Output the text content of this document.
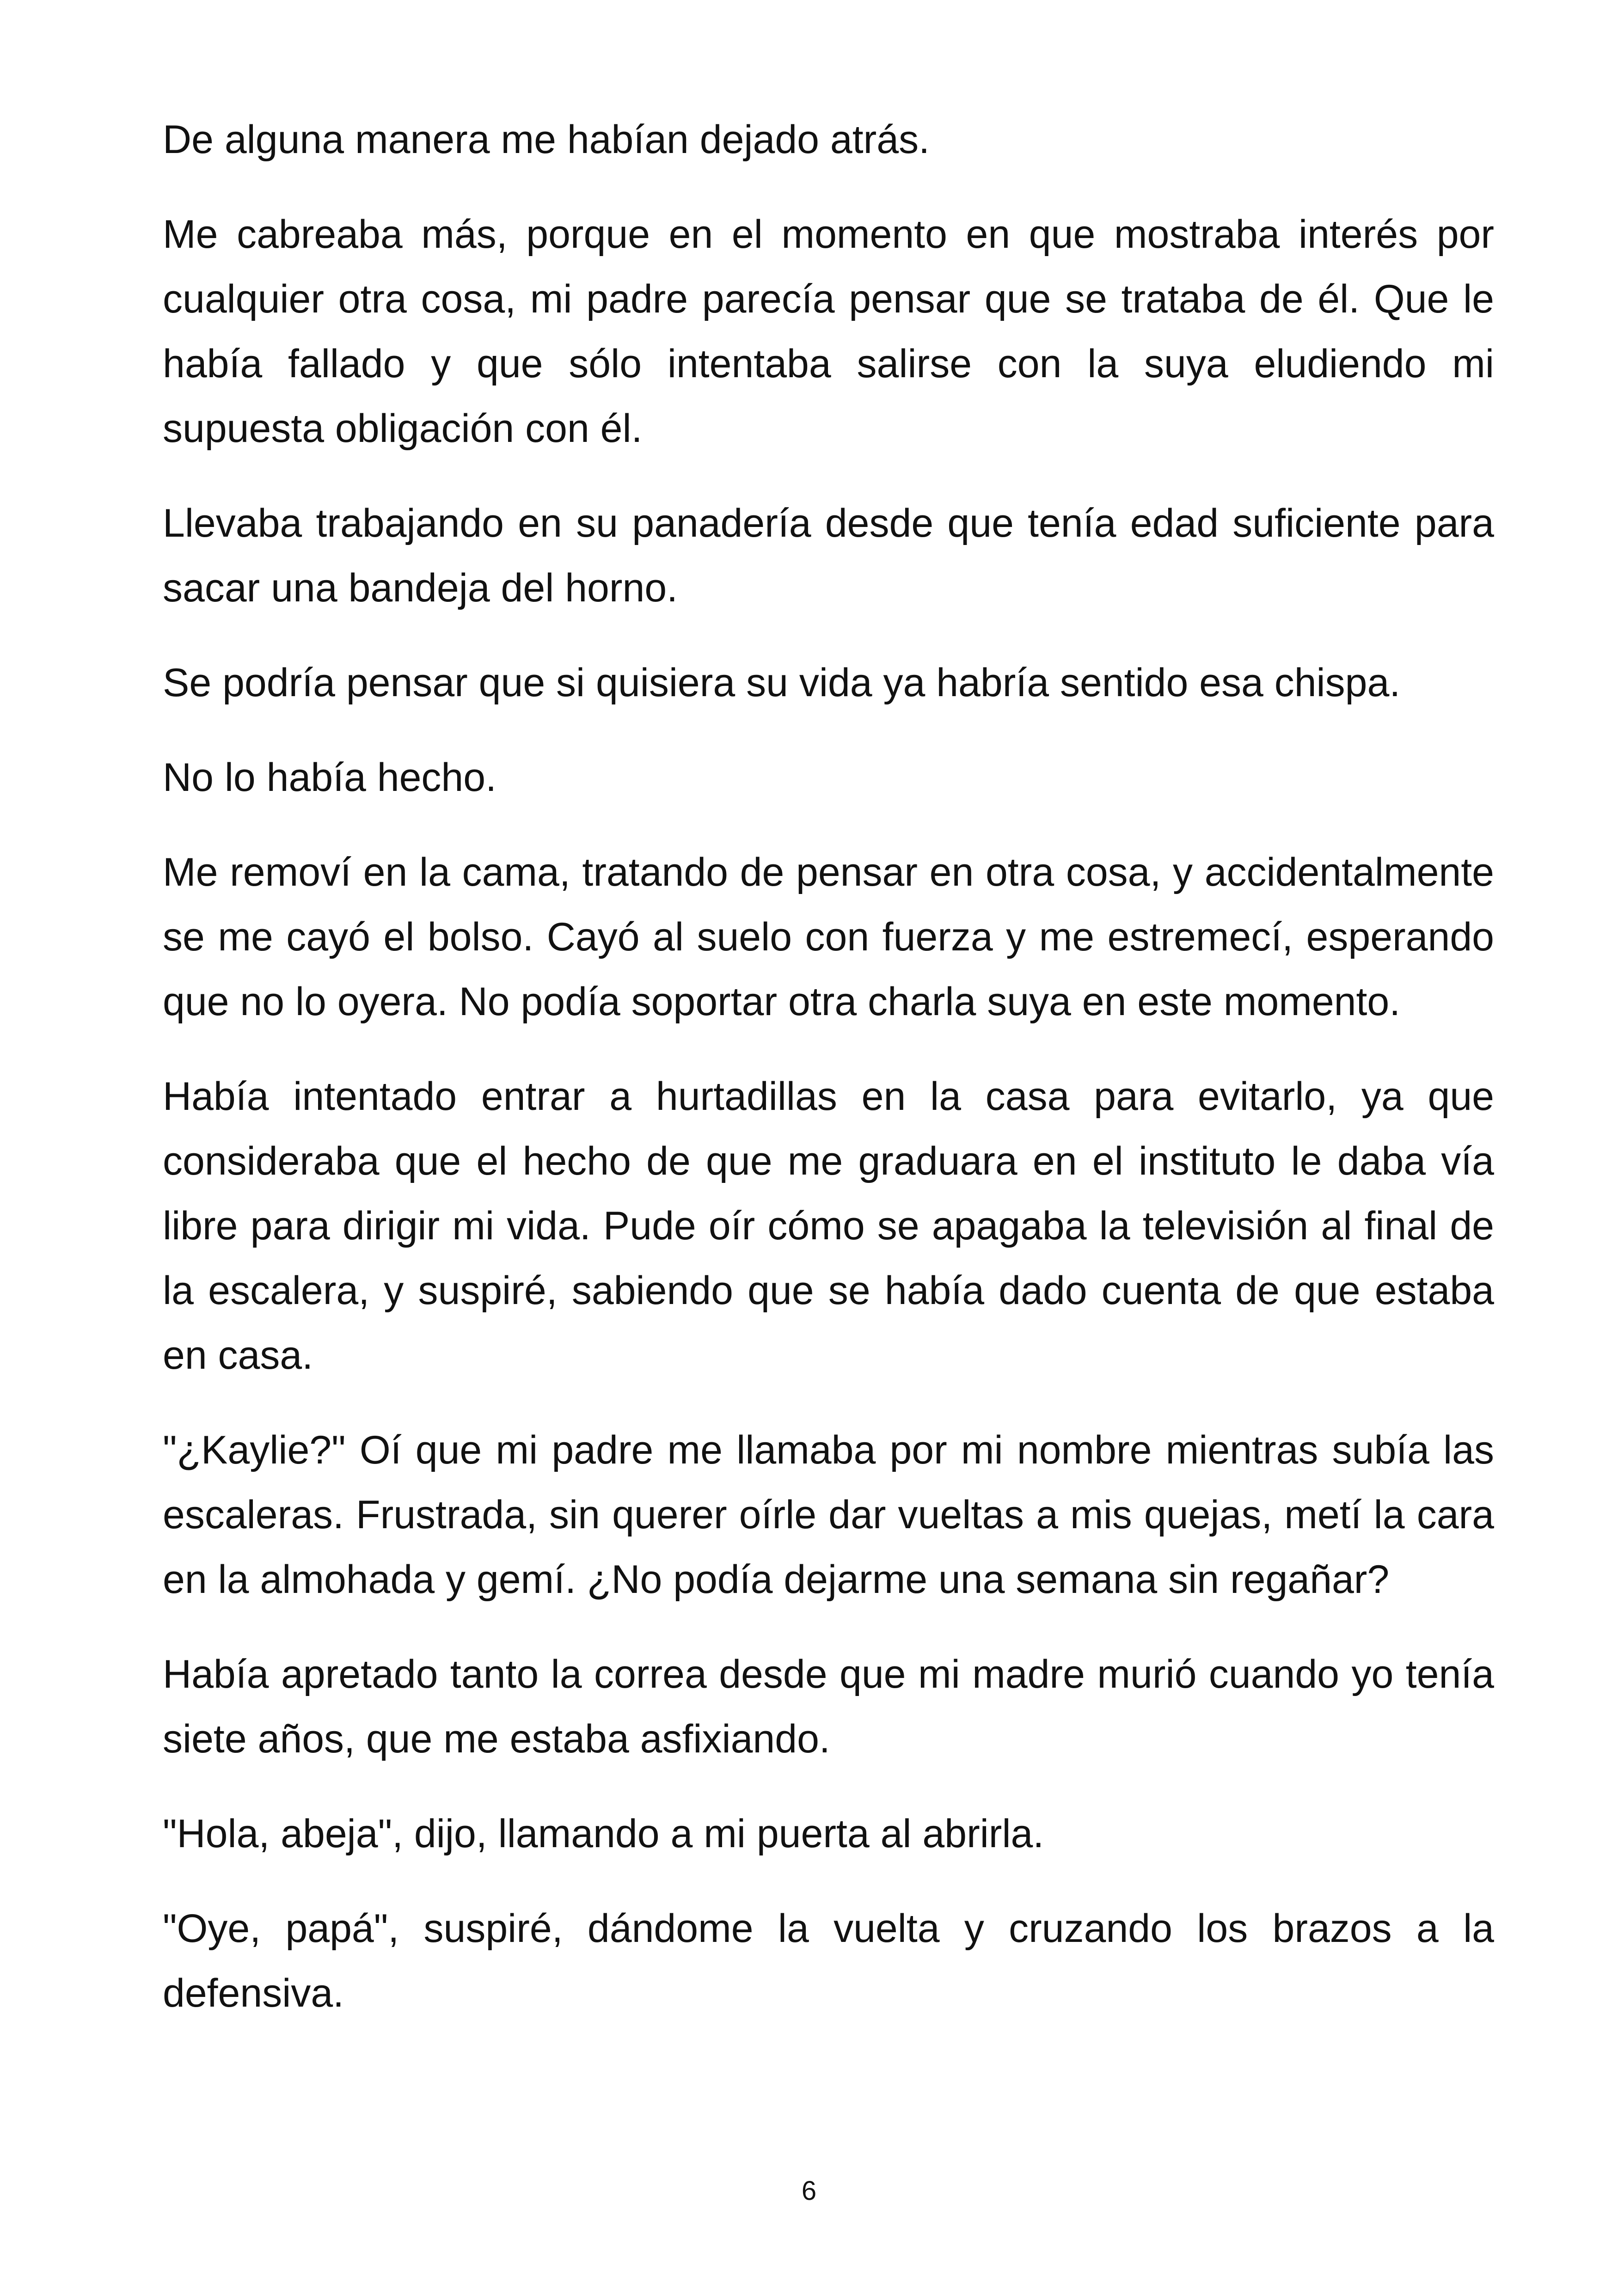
De alguna manera me habían dejado atrás.

Me cabreaba más, porque en el momento en que mostraba interés por cualquier otra cosa, mi padre parecía pensar que se trataba de él. Que le había fallado y que sólo intentaba salirse con la suya eludiendo mi supuesta obligación con él.

Llevaba trabajando en su panadería desde que tenía edad suficiente para sacar una bandeja del horno.

Se podría pensar que si quisiera su vida ya habría sentido esa chispa.

No lo había hecho.

Me removí en la cama, tratando de pensar en otra cosa, y accidentalmente se me cayó el bolso. Cayó al suelo con fuerza y me estremecí, esperando que no lo oyera. No podía soportar otra charla suya en este momento.

Había intentado entrar a hurtadillas en la casa para evitarlo, ya que consideraba que el hecho de que me graduara en el instituto le daba vía libre para dirigir mi vida. Pude oír cómo se apagaba la televisión al final de la escalera, y suspiré, sabiendo que se había dado cuenta de que estaba en casa.

"¿Kaylie?" Oí que mi padre me llamaba por mi nombre mientras subía las escaleras. Frustrada, sin querer oírle dar vueltas a mis quejas, metí la cara en la almohada y gemí. ¿No podía dejarme una semana sin regañar?

Había apretado tanto la correa desde que mi madre murió cuando yo tenía siete años, que me estaba asfixiando.

"Hola, abeja", dijo, llamando a mi puerta al abrirla.

"Oye, papá", suspiré, dándome la vuelta y cruzando los brazos a la defensiva.

6
